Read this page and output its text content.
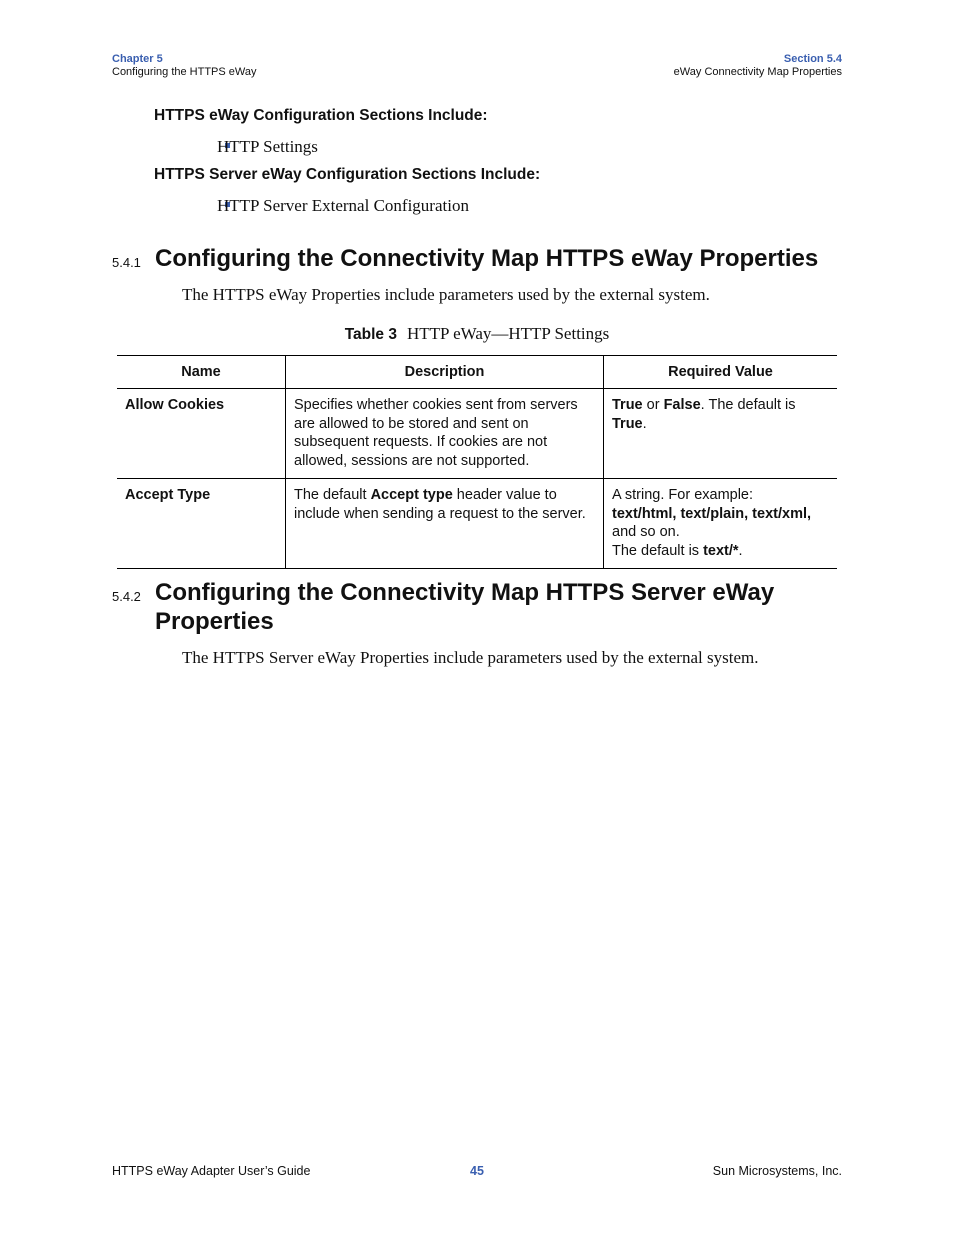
Chapter 5
Configuring the HTTPS eWay
Section 5.4
eWay Connectivity Map Properties
HTTPS eWay Configuration Sections Include:
HTTP Settings
HTTPS Server eWay Configuration Sections Include:
HTTP Server External Configuration
5.4.1 Configuring the Connectivity Map HTTPS eWay Properties
The HTTPS eWay Properties include parameters used by the external system.
Table 3 HTTP eWay—HTTP Settings
Name	Description	Required Value
Allow Cookies	Specifies whether cookies sent from servers are allowed to be stored and sent on subsequent requests. If cookies are not allowed, sessions are not supported.	True or False. The default is True.
Accept Type	The default Accept type header value to include when sending a request to the server.	A string. For example:
text/html, text/plain, text/xml,
and so on.
The default is text/*.
5.4.2 Configuring the Connectivity Map HTTPS Server eWay Properties
The HTTPS Server eWay Properties include parameters used by the external system.
HTTPS eWay Adapter User’s Guide	45	Sun Microsystems, Inc.
